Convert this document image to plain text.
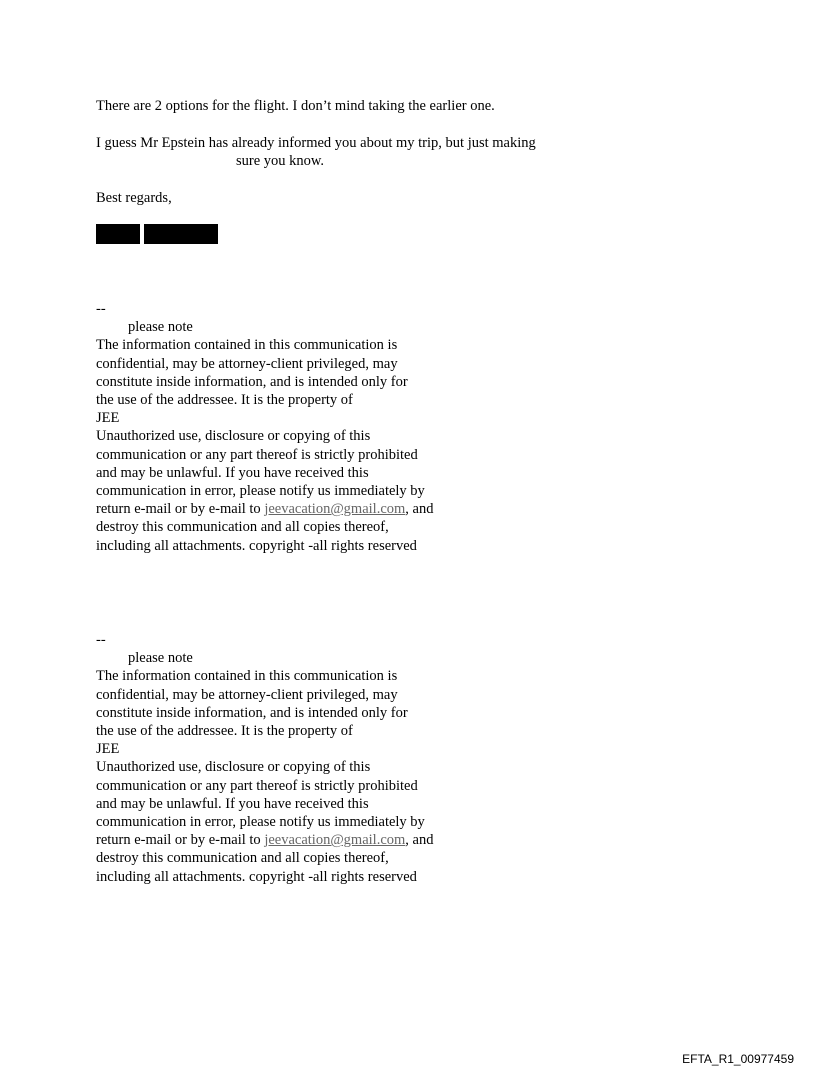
There are 2 options for the flight. I don’t mind taking the earlier one.
I guess Mr Epstein has already informed you about my trip, but just making
sure you know.
Best regards,
--
please note
The information contained in this communication is
confidential, may be attorney-client privileged, may
constitute inside information, and is intended only for
the use of the addressee. It is the property of
JEE
Unauthorized use, disclosure or copying of this
communication or any part thereof is strictly prohibited
and may be unlawful. If you have received this
communication in error, please notify us immediately by
return e-mail or by e-mail to jeevacation@gmail.com, and
destroy this communication and all copies thereof,
including all attachments. copyright -all rights reserved
--
please note
The information contained in this communication is
confidential, may be attorney-client privileged, may
constitute inside information, and is intended only for
the use of the addressee. It is the property of
JEE
Unauthorized use, disclosure or copying of this
communication or any part thereof is strictly prohibited
and may be unlawful. If you have received this
communication in error, please notify us immediately by
return e-mail or by e-mail to jeevacation@gmail.com, and
destroy this communication and all copies thereof,
including all attachments. copyright -all rights reserved
EFTA_R1_00977459
